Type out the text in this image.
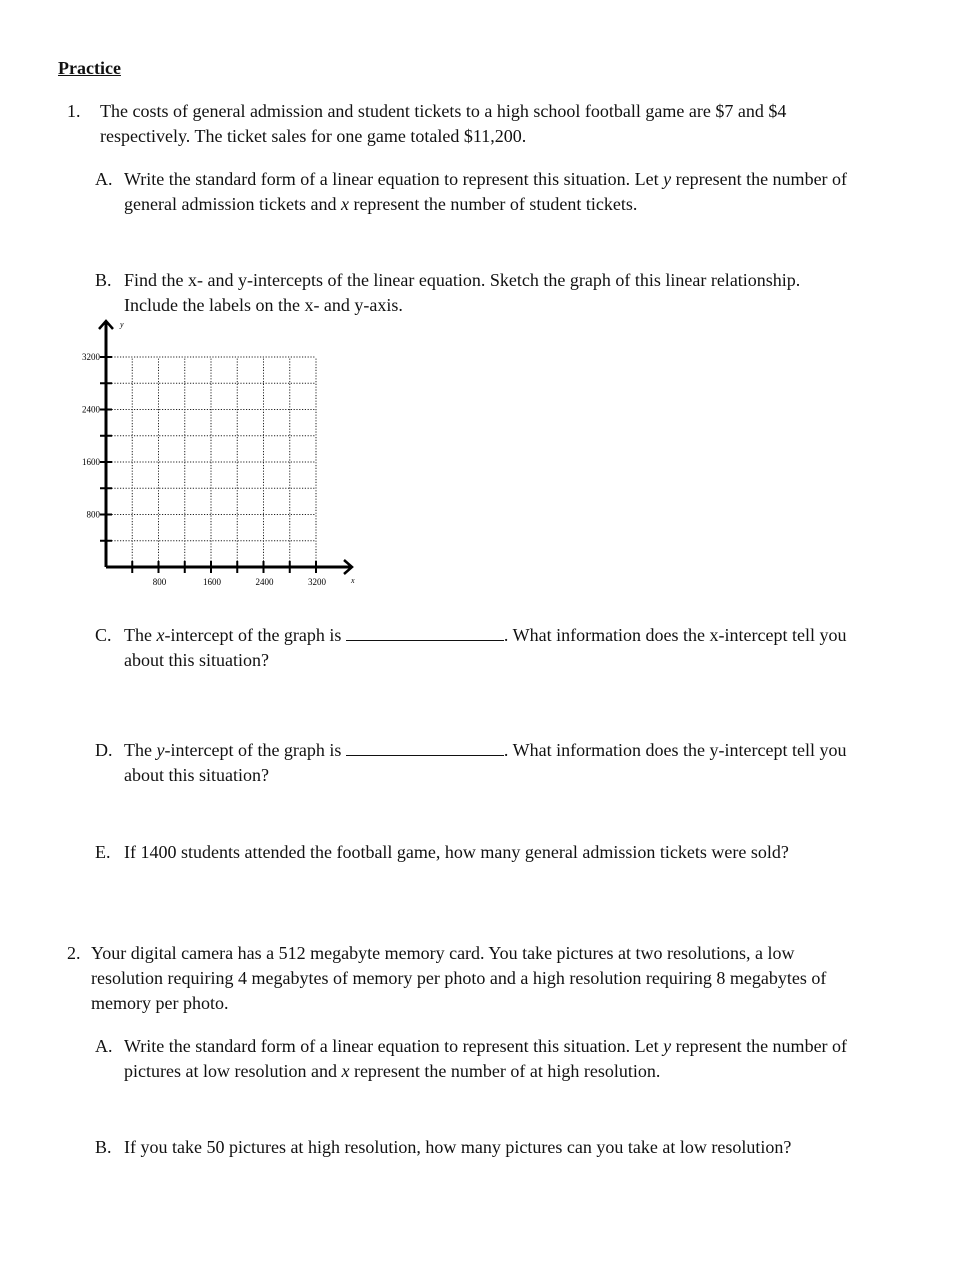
Practice
1. The costs of general admission and student tickets to a high school football game are $7 and $4
respectively. The ticket sales for one game totaled $11,200.
A. Write the standard form of a linear equation to represent this situation. Let y represent the number of
general admission tickets and x represent the number of student tickets.
B. Find the x- and y-intercepts of the linear equation. Sketch the graph of this linear relationship.
Include the labels on the x- and y-axis.
800	1600	2400	3200
800
1600
2400
3200
x
y
C. The x-intercept of the graph is	. What information does the x-intercept tell you
about this situation?
D. The y-intercept of the graph is	. What information does the y-intercept tell you
about this situation?
E. If 1400 students attended the football game, how many general admission tickets were sold?
2. Your digital camera has a 512 megabyte memory card. You take pictures at two resolutions, a low
resolution requiring 4 megabytes of memory per photo and a high resolution requiring 8 megabytes of
memory per photo.
A. Write the standard form of a linear equation to represent this situation. Let y represent the number of
pictures at low resolution and x represent the number of at high resolution.
B. If you take 50 pictures at high resolution, how many pictures can you take at low resolution?
